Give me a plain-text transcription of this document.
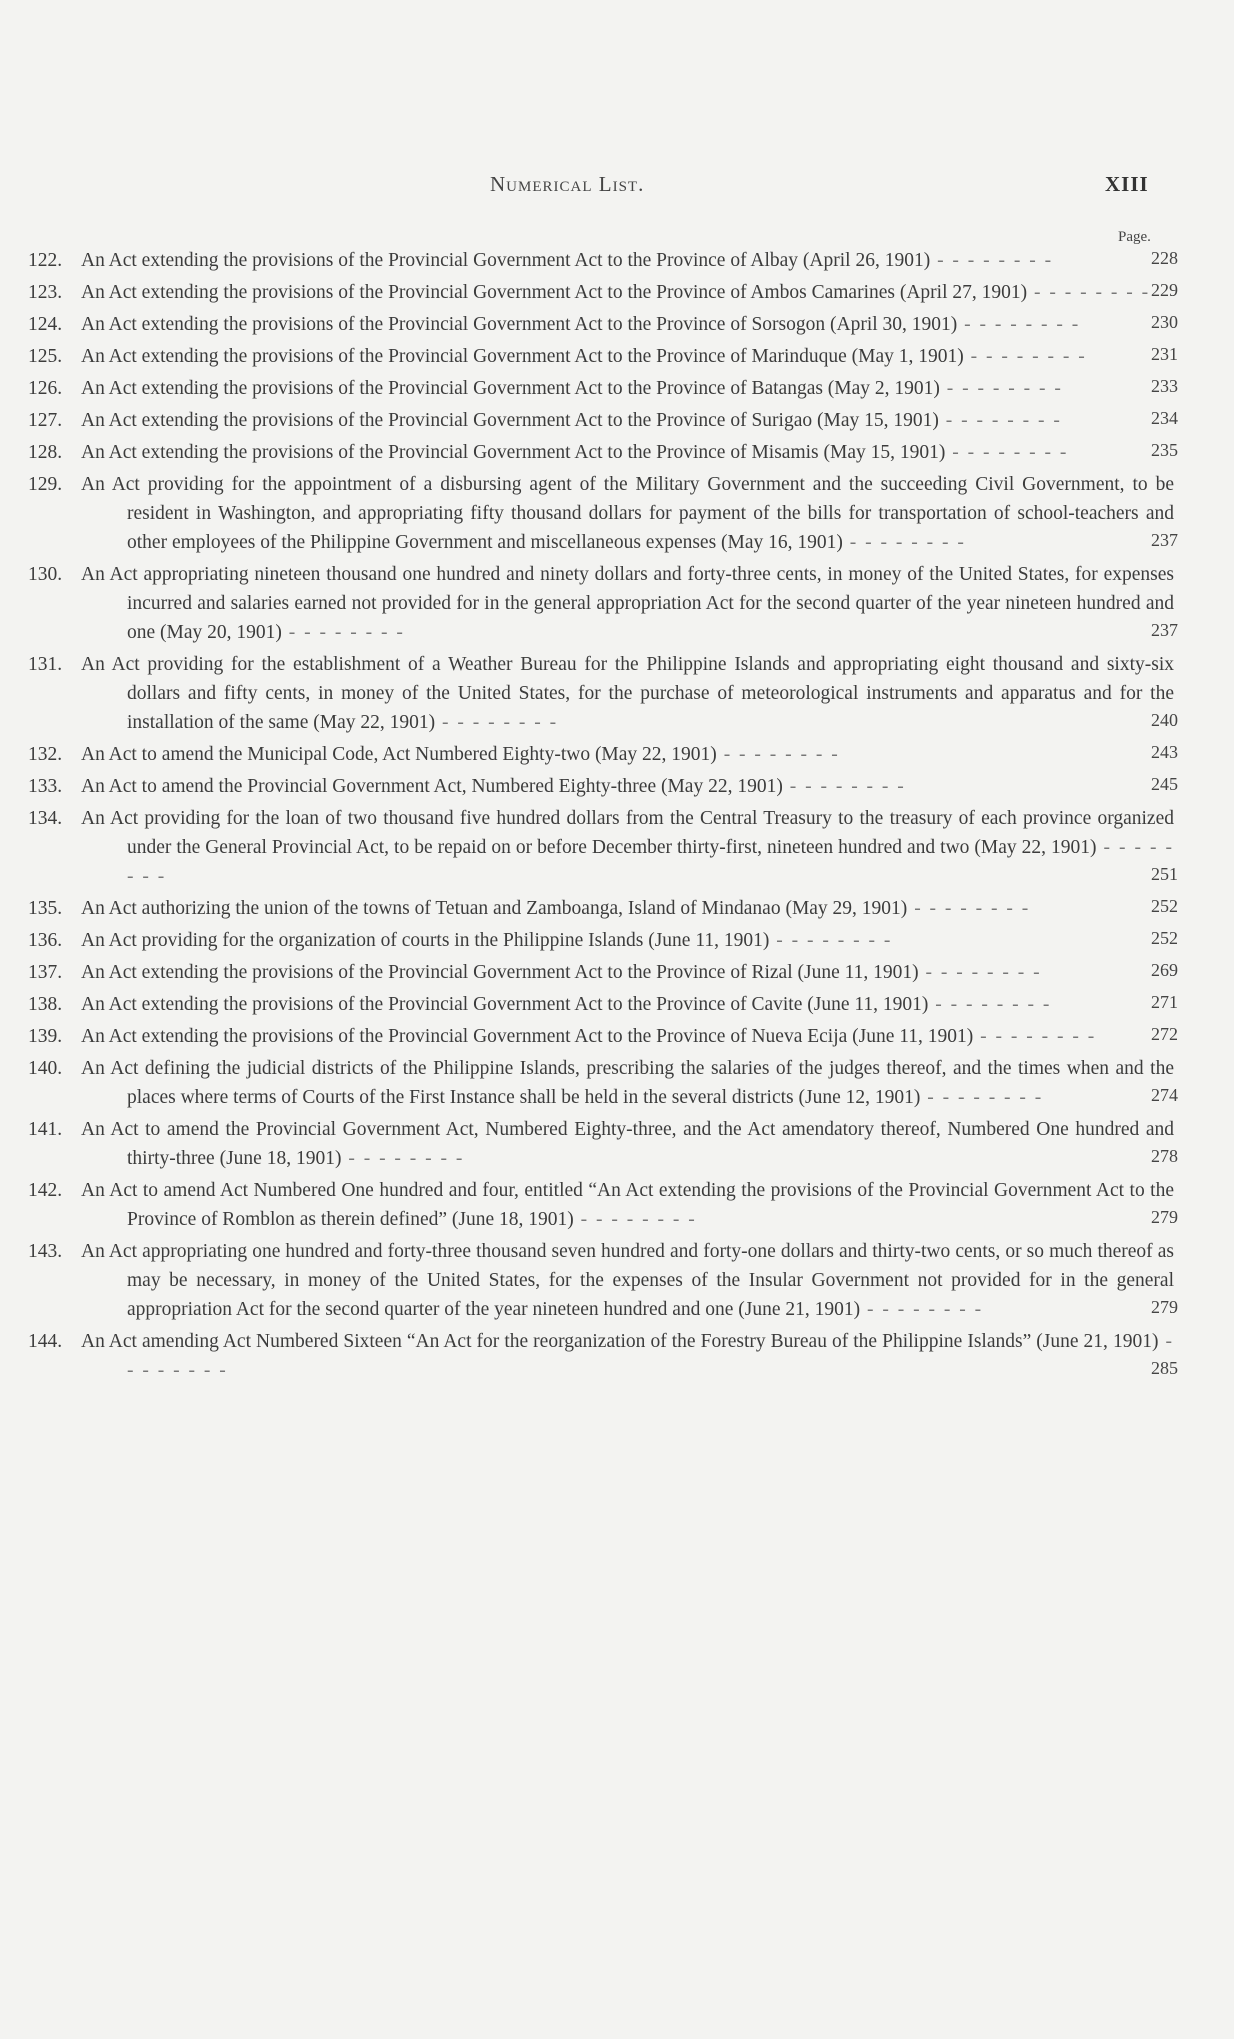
Numerical List.	XIII
Page.
122. An Act extending the provisions of the Provincial Government Act to the Province of Albay (April 26, 1901) - - - - - - - -	228
123. An Act extending the provisions of the Provincial Government Act to the Province of Ambos Camarines (April 27, 1901) - - - - - - - - 229
124. An Act extending the provisions of the Provincial Government Act to the Province of Sorsogon (April 30, 1901) - - - - - - - -	230
125. An Act extending the provisions of the Provincial Government Act to the Province of Marinduque (May 1, 1901) - - - - - - - -	231
126. An Act extending the provisions of the Provincial Government Act to the Province of Batangas (May 2, 1901) - - - - - - - -	233
127. An Act extending the provisions of the Provincial Government Act to the Province of Surigao (May 15, 1901) - - - - - - - -	234
128. An Act extending the provisions of the Provincial Government Act to the Province of Misamis (May 15, 1901) - - - - - - - -	235
129. An Act providing for the appointment of a disbursing agent of the Military Government and the succeeding Civil Government, to be resident in Washington, and appropriating fifty thousand dollars for payment of the bills for transportation of school-teachers and other employees of the Philippine Government and miscellaneous expenses (May 16, 1901) - - - - - - - -	237
130. An Act appropriating nineteen thousand one hundred and ninety dollars and forty-three cents, in money of the United States, for expenses incurred and salaries earned not provided for in the general appropriation Act for the second quarter of the year nineteen hundred and one (May 20, 1901) - - - - - - - -	237
131. An Act providing for the establishment of a Weather Bureau for the Philippine Islands and appropriating eight thousand and sixty-six dollars and fifty cents, in money of the United States, for the purchase of meteorological instruments and apparatus and for the installation of the same (May 22, 1901) - - - - - - - -	240
132. An Act to amend the Municipal Code, Act Numbered Eighty-two (May 22, 1901) - - - - - - - -	243
133. An Act to amend the Provincial Government Act, Numbered Eighty-three (May 22, 1901) - - - - - - - -	245
134. An Act providing for the loan of two thousand five hundred dollars from the Central Treasury to the treasury of each province organized under the General Provincial Act, to be repaid on or before December thirty-first, nineteen hundred and two (May 22, 1901) - - - - - - - -	251
135. An Act authorizing the union of the towns of Tetuan and Zamboanga, Island of Mindanao (May 29, 1901) - - - - - - - -	252
136. An Act providing for the organization of courts in the Philippine Islands (June 11, 1901) - - - - - - - -	252
137. An Act extending the provisions of the Provincial Government Act to the Province of Rizal (June 11, 1901) - - - - - - - -	269
138. An Act extending the provisions of the Provincial Government Act to the Province of Cavite (June 11, 1901) - - - - - - - -	271
139. An Act extending the provisions of the Provincial Government Act to the Province of Nueva Ecija (June 11, 1901) - - - - - - - -	272
140. An Act defining the judicial districts of the Philippine Islands, prescribing the salaries of the judges thereof, and the times when and the places where terms of Courts of the First Instance shall be held in the several districts (June 12, 1901) - - - - - - - -	274
141. An Act to amend the Provincial Government Act, Numbered Eighty-three, and the Act amendatory thereof, Numbered One hundred and thirty-three (June 18, 1901) - - - - - - - -	278
142. An Act to amend Act Numbered One hundred and four, entitled “An Act extending the provisions of the Provincial Government Act to the Province of Romblon as therein defined” (June 18, 1901) - - - - - - - -	279
143. An Act appropriating one hundred and forty-three thousand seven hundred and forty-one dollars and thirty-two cents, or so much thereof as may be necessary, in money of the United States, for the expenses of the Insular Government not provided for in the general appropriation Act for the second quarter of the year nineteen hundred and one (June 21, 1901) - - - - - - - -	279
144. An Act amending Act Numbered Sixteen “An Act for the reorganization of the Forestry Bureau of the Philippine Islands” (June 21, 1901) - - - - - - - -	285
